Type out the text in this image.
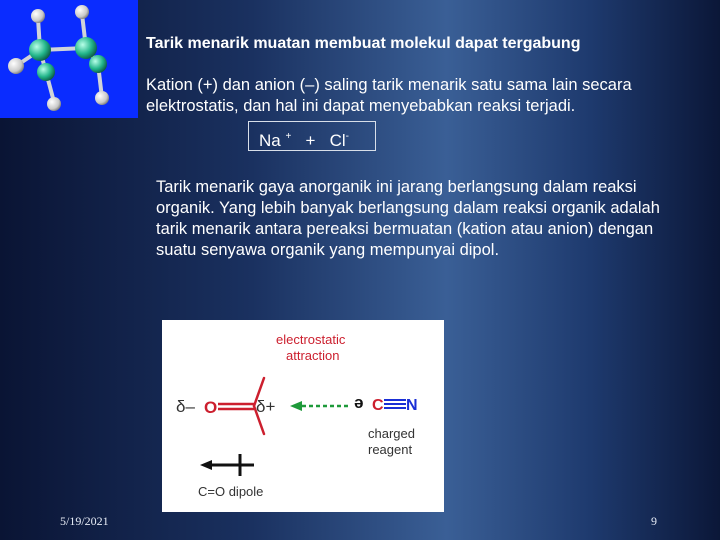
Tarik menarik muatan membuat molekul dapat tergabung
Kation (+) dan anion (–) saling tarik menarik satu sama lain secara elektrostatis, dan hal ini dapat menyebabkan reaksi terjadi.
Na + + Cl-
Tarik menarik gaya anorganik ini jarang berlangsung dalam reaksi organik. Yang lebih banyak berlangsung dalam reaksi organik adalah tarik menarik antara pereaksi bermuatan (kation atau anion) dengan suatu senyawa organik yang mempunyai dipol.
electrostatic
attraction
δ– O δ+	ə C N
charged
reagent
C=O dipole
5/19/2021	9
